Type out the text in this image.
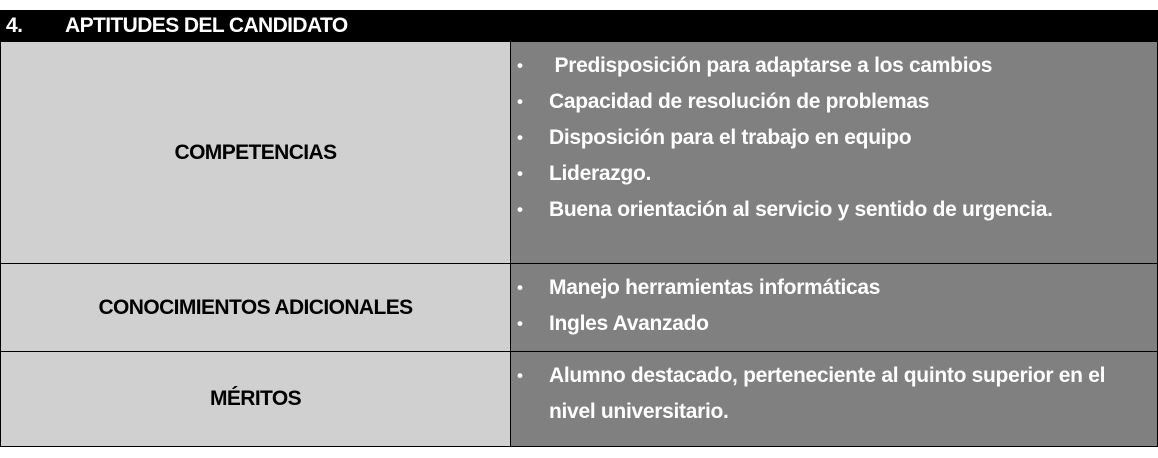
4.	APTITUDES DEL CANDIDATO
COMPETENCIAS
•	Predisposición para adaptarse a los cambios
•	Capacidad de resolución de problemas
•	Disposición para el trabajo en equipo
•	Liderazgo.
•	Buena orientación al servicio y sentido de urgencia.
CONOCIMIENTOS ADICIONALES
•	Manejo herramientas informáticas
•	Ingles Avanzado
MÉRITOS
•	Alumno destacado, perteneciente al quinto superior en el nivel universitario.
